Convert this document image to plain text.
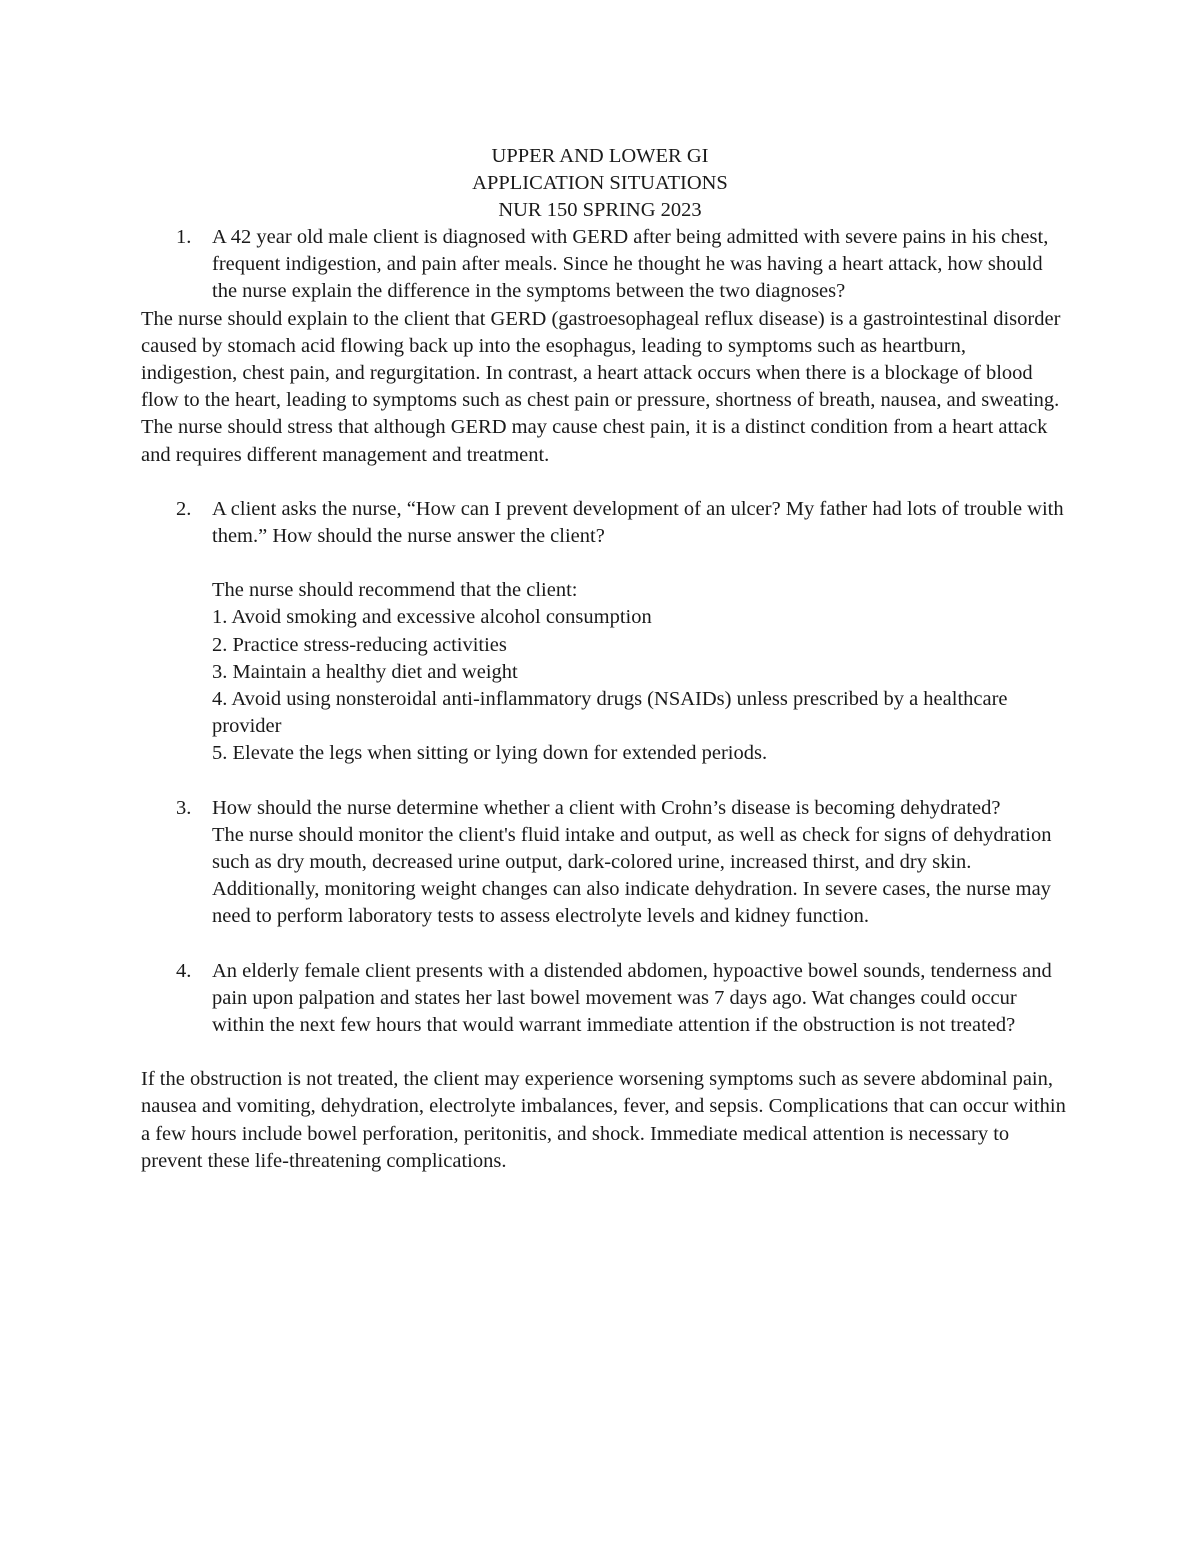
UPPER AND LOWER GI
APPLICATION SITUATIONS
NUR 150 SPRING 2023
1. A 42 year old male client is diagnosed with GERD after being admitted with severe pains in his chest, frequent indigestion, and pain after meals. Since he thought he was having a heart attack, how should the nurse explain the difference in the symptoms between the two diagnoses?

The nurse should explain to the client that GERD (gastroesophageal reflux disease) is a gastrointestinal disorder caused by stomach acid flowing back up into the esophagus, leading to symptoms such as heartburn, indigestion, chest pain, and regurgitation. In contrast, a heart attack occurs when there is a blockage of blood flow to the heart, leading to symptoms such as chest pain or pressure, shortness of breath, nausea, and sweating. The nurse should stress that although GERD may cause chest pain, it is a distinct condition from a heart attack and requires different management and treatment.

2. A client asks the nurse, “How can I prevent development of an ulcer? My father had lots of trouble with them.” How should the nurse answer the client?
The nurse should recommend that the client:
1. Avoid smoking and excessive alcohol consumption
2. Practice stress-reducing activities
3. Maintain a healthy diet and weight
4. Avoid using nonsteroidal anti-inflammatory drugs (NSAIDs) unless prescribed by a healthcare provider
5. Elevate the legs when sitting or lying down for extended periods.
3. How should the nurse determine whether a client with Crohn’s disease is becoming dehydrated?

The nurse should monitor the client's fluid intake and output, as well as check for signs of dehydration such as dry mouth, decreased urine output, dark-colored urine, increased thirst, and dry skin. Additionally, monitoring weight changes can also indicate dehydration. In severe cases, the nurse may need to perform laboratory tests to assess electrolyte levels and kidney function.

4. An elderly female client presents with a distended abdomen, hypoactive bowel sounds, tenderness and pain upon palpation and states her last bowel movement was 7 days ago. Wat changes could occur within the next few hours that would warrant immediate attention if the obstruction is not treated?

If the obstruction is not treated, the client may experience worsening symptoms such as severe abdominal pain, nausea and vomiting, dehydration, electrolyte imbalances, fever, and sepsis. Complications that can occur within a few hours include bowel perforation, peritonitis, and shock. Immediate medical attention is necessary to prevent these life-threatening complications.
